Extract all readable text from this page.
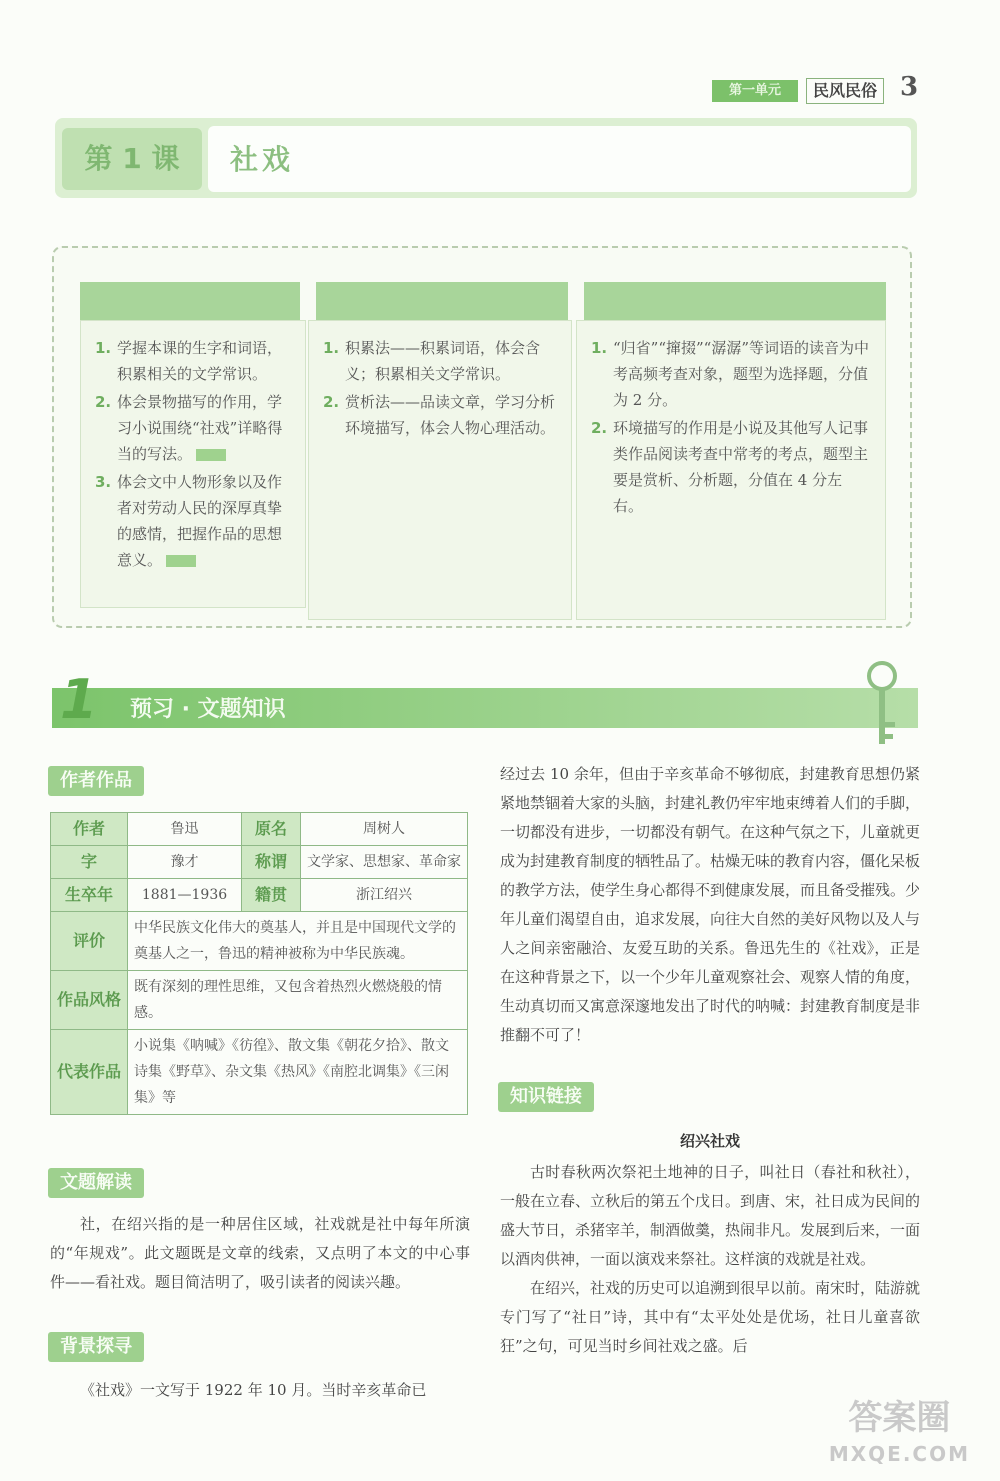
第一单元	民风民俗 3
第 1 课	社戏
1. 学握本课的生字和词语，积累相关的文学常识。
2. 体会景物描写的作用，学习小说围绕“社戏”详略得当的写法。
3. 体会文中人物形象以及作者对劳动人民的深厚真挚的感情，把握作品的思想意义。
1. 积累法——积累词语，体会含义；积累相关文学常识。
2. 赏析法——品读文章，学习分析环境描写，体会人物心理活动。
1. “归省”“撺掇”“潺潺”等词语的读音为中考高频考查对象，题型为选择题，分值为 2 分。
2. 环境描写的作用是小说及其他写人记事类作品阅读考查中常考的考点，题型主要是赏析、分析题，分值在 4 分左右。
1 预习 · 文题知识
作者作品
作者	鲁迅	原名	周树人
字	豫才	称谓	文学家、思想家、革命家
生卒年	1881—1936	籍贯	浙江绍兴
评价	中华民族文化伟大的奠基人，并且是中国现代文学的奠基人之一，鲁迅的精神被称为中华民族魂。		
作品风格	既有深刻的理性思维，又包含着热烈火燃烧般的情感。		
代表作品	小说集《呐喊》《彷徨》、散文集《朝花夕拾》、散文诗集《野草》、杂文集《热风》《南腔北调集》《三闲集》等		
文题解读

社，在绍兴指的是一种居住区域，社戏就是社中每年所演的“年规戏”。此文题既是文章的线索，又点明了本文的中心事件——看社戏。题目简洁明了，吸引读者的阅读兴趣。

背景探寻

《社戏》一文写于 1922 年 10 月。当时辛亥革命已

经过去 10 余年，但由于辛亥革命不够彻底，封建教育思想仍紧紧地禁锢着大家的头脑，封建礼教仍牢牢地束缚着人们的手脚，一切都没有进步，一切都没有朝气。在这种气氛之下，儿童就更成为封建教育制度的牺牲品了。枯燥无味的教育内容，僵化呆板的教学方法，使学生身心都得不到健康发展，而且备受摧残。少年儿童们渴望自由，追求发展，向往大自然的美好风物以及人与人之间亲密融洽、友爱互助的关系。鲁迅先生的《社戏》，正是在这种背景之下，以一个少年儿童观察社会、观察人情的角度，生动真切而又寓意深邃地发出了时代的呐喊：封建教育制度是非推翻不可了！

知识链接
绍兴社戏

古时春秋两次祭祀土地神的日子，叫社日（春社和秋社），一般在立春、立秋后的第五个戊日。到唐、宋，社日成为民间的盛大节日，杀猪宰羊，制酒做羹，热闹非凡。发展到后来，一面以酒肉供神，一面以演戏来祭社。这样演的戏就是社戏。

在绍兴，社戏的历史可以追溯到很早以前。南宋时，陆游就专门写了“社日”诗，其中有“太平处处是优场，社日儿童喜欲狂”之句，可见当时乡间社戏之盛。后

答案圈
MXQE.COM
